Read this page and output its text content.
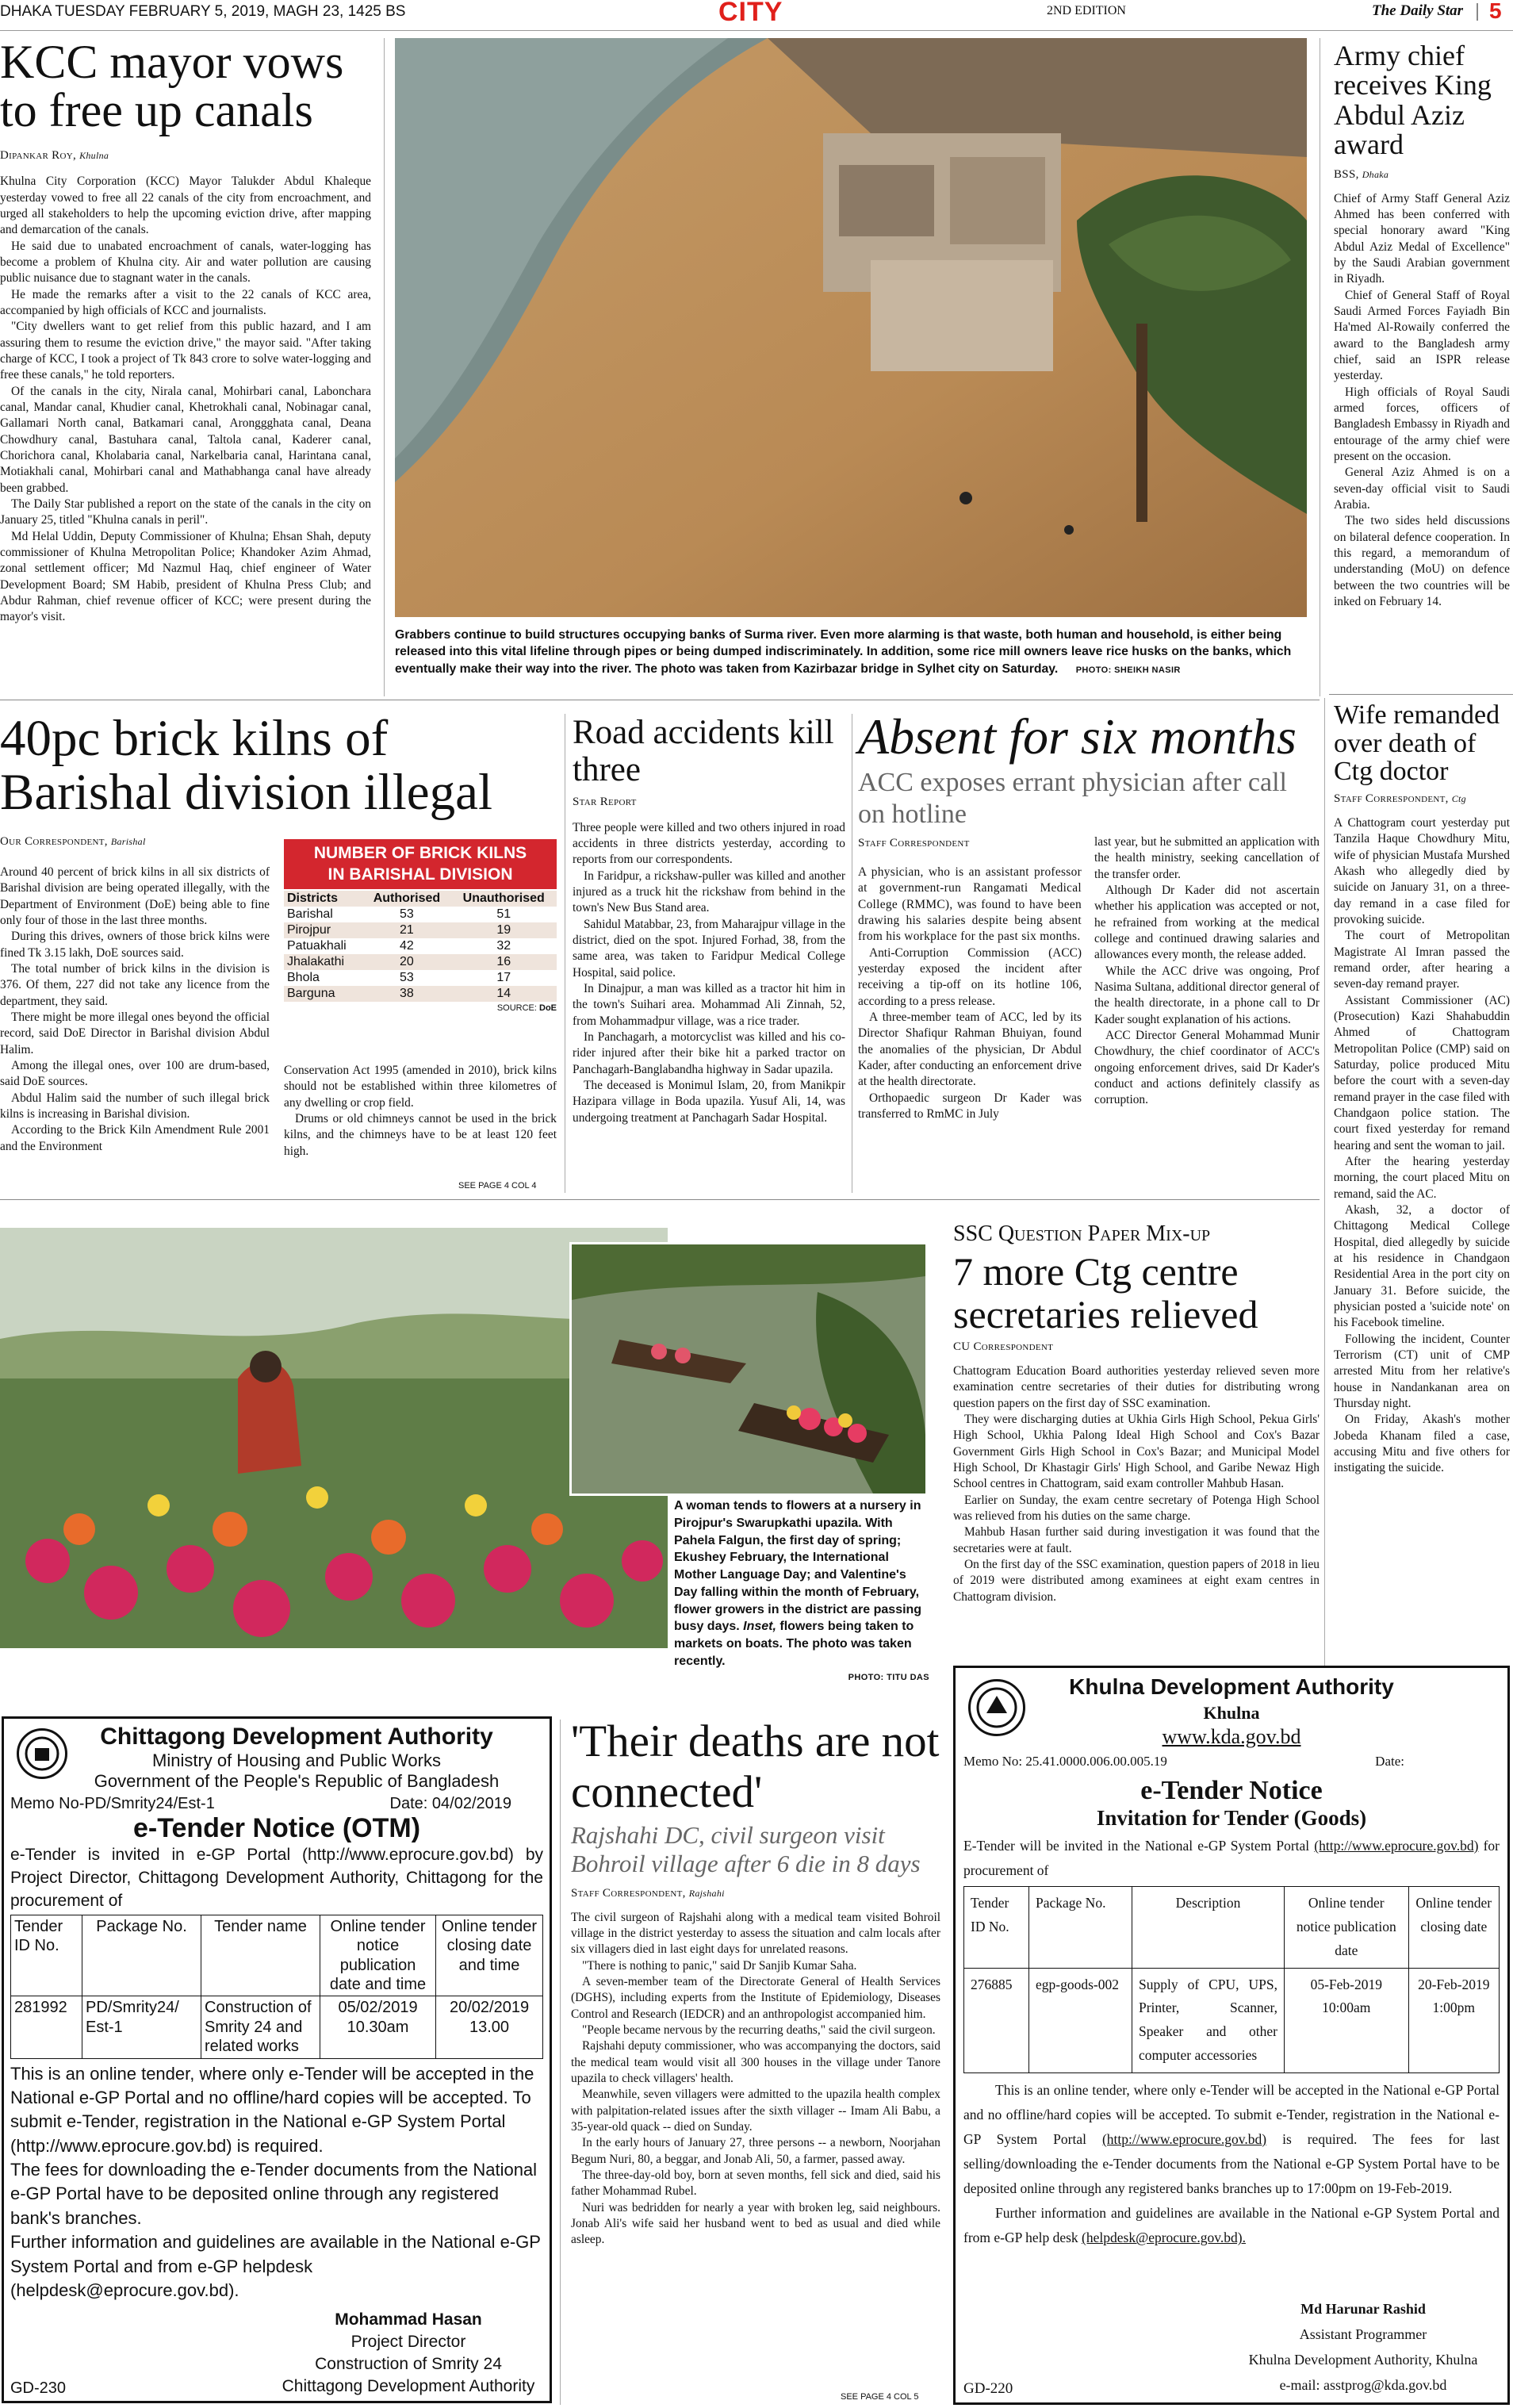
DHAKA TUESDAY FEBRUARY 5, 2019, MAGH 23, 1425 BS	CITY	2ND EDITION	The Daily Star 5
KCC mayor vows to free up canals
Dipankar Roy, Khulna

Khulna City Corporation (KCC) Mayor Talukder Abdul Khaleque yesterday vowed to free all 22 canals of the city from encroachment, and urged all stakeholders to help the upcoming eviction drive, after mapping and demarcation of the canals.

He said due to unabated encroachment of canals, water-logging has become a problem of Khulna city. Air and water pollution are causing public nuisance due to stagnant water in the canals.

He made the remarks after a visit to the 22 canals of KCC area, accompanied by high officials of KCC and journalists.

"City dwellers want to get relief from this public hazard, and I am assuring them to resume the eviction drive," the mayor said. "After taking charge of KCC, I took a project of Tk 843 crore to solve water-logging and free these canals," he told reporters.

Of the canals in the city, Nirala canal, Mohirbari canal, Labonchara canal, Mandar canal, Khudier canal, Khetrokhali canal, Nobinagar canal, Gallamari North canal, Batkamari canal, Aronggghata canal, Deana Chowdhury canal, Bastuhara canal, Taltola canal, Kaderer canal, Chorichora canal, Kholabaria canal, Narkelbaria canal, Harintana canal, Motiakhali canal, Mohirbari canal and Mathabhanga canal have already been grabbed.

The Daily Star published a report on the state of the canals in the city on January 25, titled "Khulna canals in peril".

Md Helal Uddin, Deputy Commissioner of Khulna; Ehsan Shah, deputy commissioner of Khulna Metropolitan Police; Khandoker Azim Ahmad, zonal settlement officer; Md Nazmul Haq, chief engineer of Water Development Board; SM Habib, president of Khulna Press Club; and Abdur Rahman, chief revenue officer of KCC; were present during the mayor's visit.

Grabbers continue to build structures occupying banks of Surma river. Even more alarming is that waste, both human and household, is either being released into this vital lifeline through pipes or being dumped indiscriminately. In addition, some rice mill owners leave rice husks on the banks, which eventually make their way into the river. The photo was taken from Kazirbazar bridge in Sylhet city on Saturday. PHOTO: SHEIKH NASIR
Army chief receives King Abdul Aziz award
BSS, Dhaka

Chief of Army Staff General Aziz Ahmed has been conferred with special honorary award "King Abdul Aziz Medal of Excellence" by the Saudi Arabian government in Riyadh.

Chief of General Staff of Royal Saudi Armed Forces Fayiadh Bin Ha'med Al-Rowaily conferred the award to the Bangladesh army chief, said an ISPR release yesterday.

High officials of Royal Saudi armed forces, officers of Bangladesh Embassy in Riyadh and entourage of the army chief were present on the occasion.

General Aziz Ahmed is on a seven-day official visit to Saudi Arabia.

The two sides held discussions on bilateral defence cooperation. In this regard, a memorandum of understanding (MoU) on defence between the two countries will be inked on February 14.

40pc brick kilns of Barishal division illegal
Our Correspondent, Barishal

Around 40 percent of brick kilns in all six districts of Barishal division are being operated illegally, with the Department of Environment (DoE) being able to fine only four of those in the last three months.

During this drives, owners of those brick kilns were fined Tk 3.15 lakh, DoE sources said.

The total number of brick kilns in the division is 376. Of them, 227 did not take any licence from the department, they said.

There might be more illegal ones beyond the official record, said DoE Director in Barishal division Abdul Halim.

Among the illegal ones, over 100 are drum-based, said DoE sources.

Abdul Halim said the number of such illegal brick kilns is increasing in Barishal division.

According to the Brick Kiln Amendment Rule 2001 and the Environment

NUMBER OF BRICK KILNS
IN BARISHAL DIVISION
Districts	Authorised	Unauthorised
Barishal	53	51
Pirojpur	21	19
Patuakhali	42	32
Jhalakathi	20	16
Bhola	53	17
Barguna	38	14
SOURCE: DoE

Conservation Act 1995 (amended in 2010), brick kilns should not be established within three kilometres of any dwelling or crop field.

Drums or old chimneys cannot be used in the brick kilns, and the chimneys have to be at least 120 feet high.

SEE PAGE 4 COL 4
Road accidents kill three
Star Report

Three people were killed and two others injured in road accidents in three districts yesterday, according to reports from our correspondents.

In Faridpur, a rickshaw-puller was killed and another injured as a truck hit the rickshaw from behind in the town's New Bus Stand area.

Sahidul Matabbar, 23, from Maharajpur village in the district, died on the spot. Injured Forhad, 38, from the same area, was taken to Faridpur Medical College Hospital, said police.

In Dinajpur, a man was killed as a tractor hit him in the town's Suihari area. Mohammad Ali Zinnah, 52, from Mohammadpur village, was a rice trader.

In Panchagarh, a motorcyclist was killed and his co-rider injured after their bike hit a parked tractor on Panchagarh-Banglabandha highway in Sadar upazila.

The deceased is Monimul Islam, 20, from Manikpir Hazipara village in Boda upazila. Yusuf Ali, 14, was undergoing treatment at Panchagarh Sadar Hospital.

Absent for six months
ACC exposes errant physician after call on hotline
Staff Correspondent

A physician, who is an assistant professor at government-run Rangamati Medical College (RMMC), was found to have been drawing his salaries despite being absent from his workplace for the past six months.

Anti-Corruption Commission (ACC) yesterday exposed the incident after receiving a tip-off on its hotline 106, according to a press release.

A three-member team of ACC, led by its Director Shafiqur Rahman Bhuiyan, found the anomalies of the physician, Dr Abdul Kader, after conducting an enforcement drive at the health directorate.

Orthopaedic surgeon Dr Kader was transferred to RmMC in July

last year, but he submitted an application with the health ministry, seeking cancellation of the transfer order.

Although Dr Kader did not ascertain whether his application was accepted or not, he refrained from working at the medical college and continued drawing salaries and allowances every month, the release added.

While the ACC drive was ongoing, Prof Nasima Sultana, additional director general of the health directorate, in a phone call to Dr Kader sought explanation of his actions.

ACC Director General Mohammad Munir Chowdhury, the chief coordinator of ACC's ongoing enforcement drives, said Dr Kader's conduct and actions definitely classify as corruption.

Wife remanded over death of Ctg doctor
Staff Correspondent, Ctg

A Chattogram court yesterday put Tanzila Haque Chowdhury Mitu, wife of physician Mustafa Murshed Akash who allegedly died by suicide on January 31, on a three-day remand in a case filed for provoking suicide.

The court of Metropolitan Magistrate Al Imran passed the remand order, after hearing a seven-day remand prayer.

Assistant Commissioner (AC) (Prosecution) Kazi Shahabuddin Ahmed of Chattogram Metropolitan Police (CMP) said on Saturday, police produced Mitu before the court with a seven-day remand prayer in the case filed with Chandgaon police station. The court fixed yesterday for remand hearing and sent the woman to jail.

After the hearing yesterday morning, the court placed Mitu on remand, said the AC.

Akash, 32, a doctor of Chittagong Medical College Hospital, died allegedly by suicide at his residence in Chandgaon Residential Area in the port city on January 31. Before suicide, the physician posted a 'suicide note' on his Facebook timeline.

Following the incident, Counter Terrorism (CT) unit of CMP arrested Mitu from her relative's house in Nandankanan area on Thursday night.

On Friday, Akash's mother Jobeda Khanam filed a case, accusing Mitu and five others for instigating the suicide.

A woman tends to flowers at a nursery in Pirojpur's Swarupkathi upazila. With Pahela Falgun, the first day of spring; Ekushey February, the International Mother Language Day; and Valentine's Day falling within the month of February, flower growers in the district are passing busy days. Inset, flowers being taken to markets on boats. The photo was taken recently.
PHOTO: TITU DAS
SSC Question Paper Mix-up
7 more Ctg centre secretaries relieved
CU Correspondent

Chattogram Education Board authorities yesterday relieved seven more examination centre secretaries of their duties for distributing wrong question papers on the first day of SSC examination.

They were discharging duties at Ukhia Girls High School, Pekua Girls' High School, Ukhia Palong Ideal High School and Cox's Bazar Government Girls High School in Cox's Bazar; and Municipal Model High School, Dr Khastagir Girls' High School, and Garibe Newaz High School centres in Chattogram, said exam controller Mahbub Hasan.

Earlier on Sunday, the exam centre secretary of Potenga High School was relieved from his duties on the same charge.

Mahbub Hasan further said during investigation it was found that the secretaries were at fault.

On the first day of the SSC examination, question papers of 2018 in lieu of 2019 were distributed among examinees at eight exam centres in Chattogram division.

Chittagong Development Authority
Ministry of Housing and Public Works
Government of the People's Republic of Bangladesh
Memo No-PD/Smrity24/Est-1	Date: 04/02/2019
e-Tender Notice (OTM)
e-Tender is invited in e-GP Portal (http://www.eprocure.gov.bd) by Project Director, Chittagong Development Authority, Chittagong for the procurement of
Tender ID No.	Package No.	Tender name	Online tender notice publication date and time	Online tender closing date and time
281992	PD/Smrity24/ Est-1	Construction of Smrity 24 and related works	05/02/2019 10.30am	20/02/2019 13.00

This is an online tender, where only e-Tender will be accepted in the National e-GP Portal and no offline/hard copies will be accepted. To submit e-Tender, registration in the National e-GP System Portal (http://www.eprocure.gov.bd) is required.

The fees for downloading the e-Tender documents from the National e-GP Portal have to be deposited online through any registered bank's branches.

Further information and guidelines are available in the National e-GP System Portal and from e-GP helpdesk (helpdesk@eprocure.gov.bd).

Mohammad Hasan
Project Director
Construction of Smrity 24
Chittagong Development Authority
GD-230
'Their deaths are not connected'
Rajshahi DC, civil surgeon visit Bohroil village after 6 die in 8 days
Staff Correspondent, Rajshahi

The civil surgeon of Rajshahi along with a medical team visited Bohroil village in the district yesterday to assess the situation and calm locals after six villagers died in last eight days for unrelated reasons.

"There is nothing to panic," said Dr Sanjib Kumar Saha.

A seven-member team of the Directorate General of Health Services (DGHS), including experts from the Institute of Epidemiology, Diseases Control and Research (IEDCR) and an anthropologist accompanied him.

"People became nervous by the recurring deaths," said the civil surgeon.

Rajshahi deputy commissioner, who was accompanying the doctors, said the medical team would visit all 300 houses in the village under Tanore upazila to check villagers' health.

Meanwhile, seven villagers were admitted to the upazila health complex with palpitation-related issues after the sixth villager -- Imam Ali Babu, a 35-year-old quack -- died on Sunday.

In the early hours of January 27, three persons -- a newborn, Noorjahan Begum Nuri, 80, a beggar, and Jonab Ali, 50, a farmer, passed away.

The three-day-old boy, born at seven months, fell sick and died, said his father Mohammad Rubel.

Nuri was bedridden for nearly a year with broken leg, said neighbours. Jonab Ali's wife said her husband went to bed as usual and died while asleep.

SEE PAGE 4 COL 5
Khulna Development Authority
Khulna
www.kda.gov.bd
Memo No: 25.41.0000.006.00.005.19	Date:
e-Tender Notice
Invitation for Tender (Goods)
E-Tender will be invited in the National e-GP System Portal (http://www.eprocure.gov.bd) for procurement of
Tender ID No.	Package No.	Description	Online tender notice publication date	Online tender closing date
276885	egp-goods-002	Supply of CPU, UPS, Printer, Scanner, Speaker and other computer accessories	05-Feb-2019 10:00am	20-Feb-2019 1:00pm
This is an online tender, where only e-Tender will be accepted in the National e-GP Portal and no offline/hard copies will be accepted. To submit e-Tender, registration in the National e-GP System Portal (http://www.eprocure.gov.bd) is required. The fees for last selling/downloading the e-Tender documents from the National e-GP System Portal have to be deposited online through any registered banks branches up to 17:00pm on 19-Feb-2019.
Further information and guidelines are available in the National e-GP System Portal and from e-GP help desk (helpdesk@eprocure.gov.bd).
Md Harunar Rashid
Assistant Programmer
Khulna Development Authority, Khulna
e-mail: asstprog@kda.gov.bd
GD-220
